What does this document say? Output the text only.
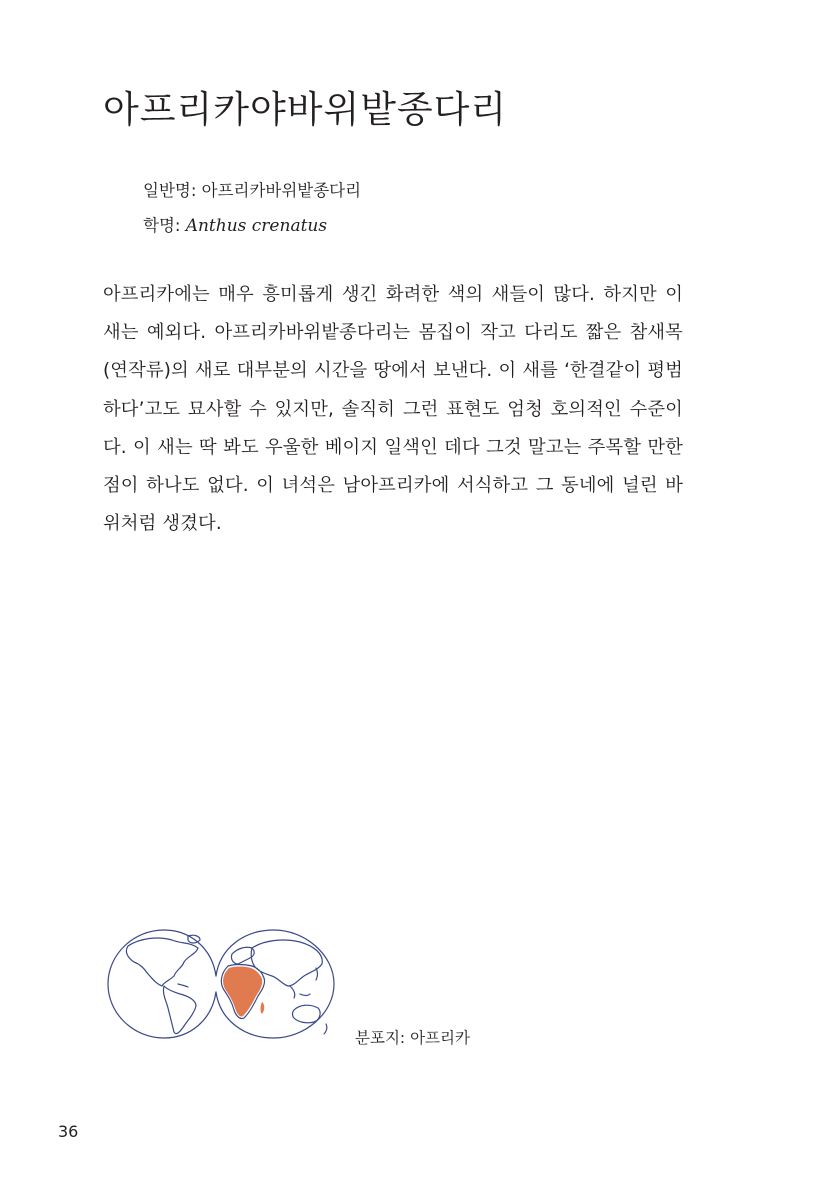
아프리카야바위밭종다리
일반명: 아프리카바위밭종다리
학명: Anthus crenatus

아프리카에는 매우 흥미롭게 생긴 화려한 색의 새들이 많다. 하지만 이 새는 예외다. 아프리카바위밭종다리는 몸집이 작고 다리도 짧은 참새목(연작류)의 새로 대부분의 시간을 땅에서 보낸다. 이 새를 ‘한결같이 평범하다’고도 묘사할 수 있지만, 솔직히 그런 표현도 엄청 호의적인 수준이다. 이 새는 딱 봐도 우울한 베이지 일색인 데다 그것 말고는 주목할 만한 점이 하나도 없다. 이 녀석은 남아프리카에 서식하고 그 동네에 널린 바위처럼 생겼다.

분포지: 아프리카
36
